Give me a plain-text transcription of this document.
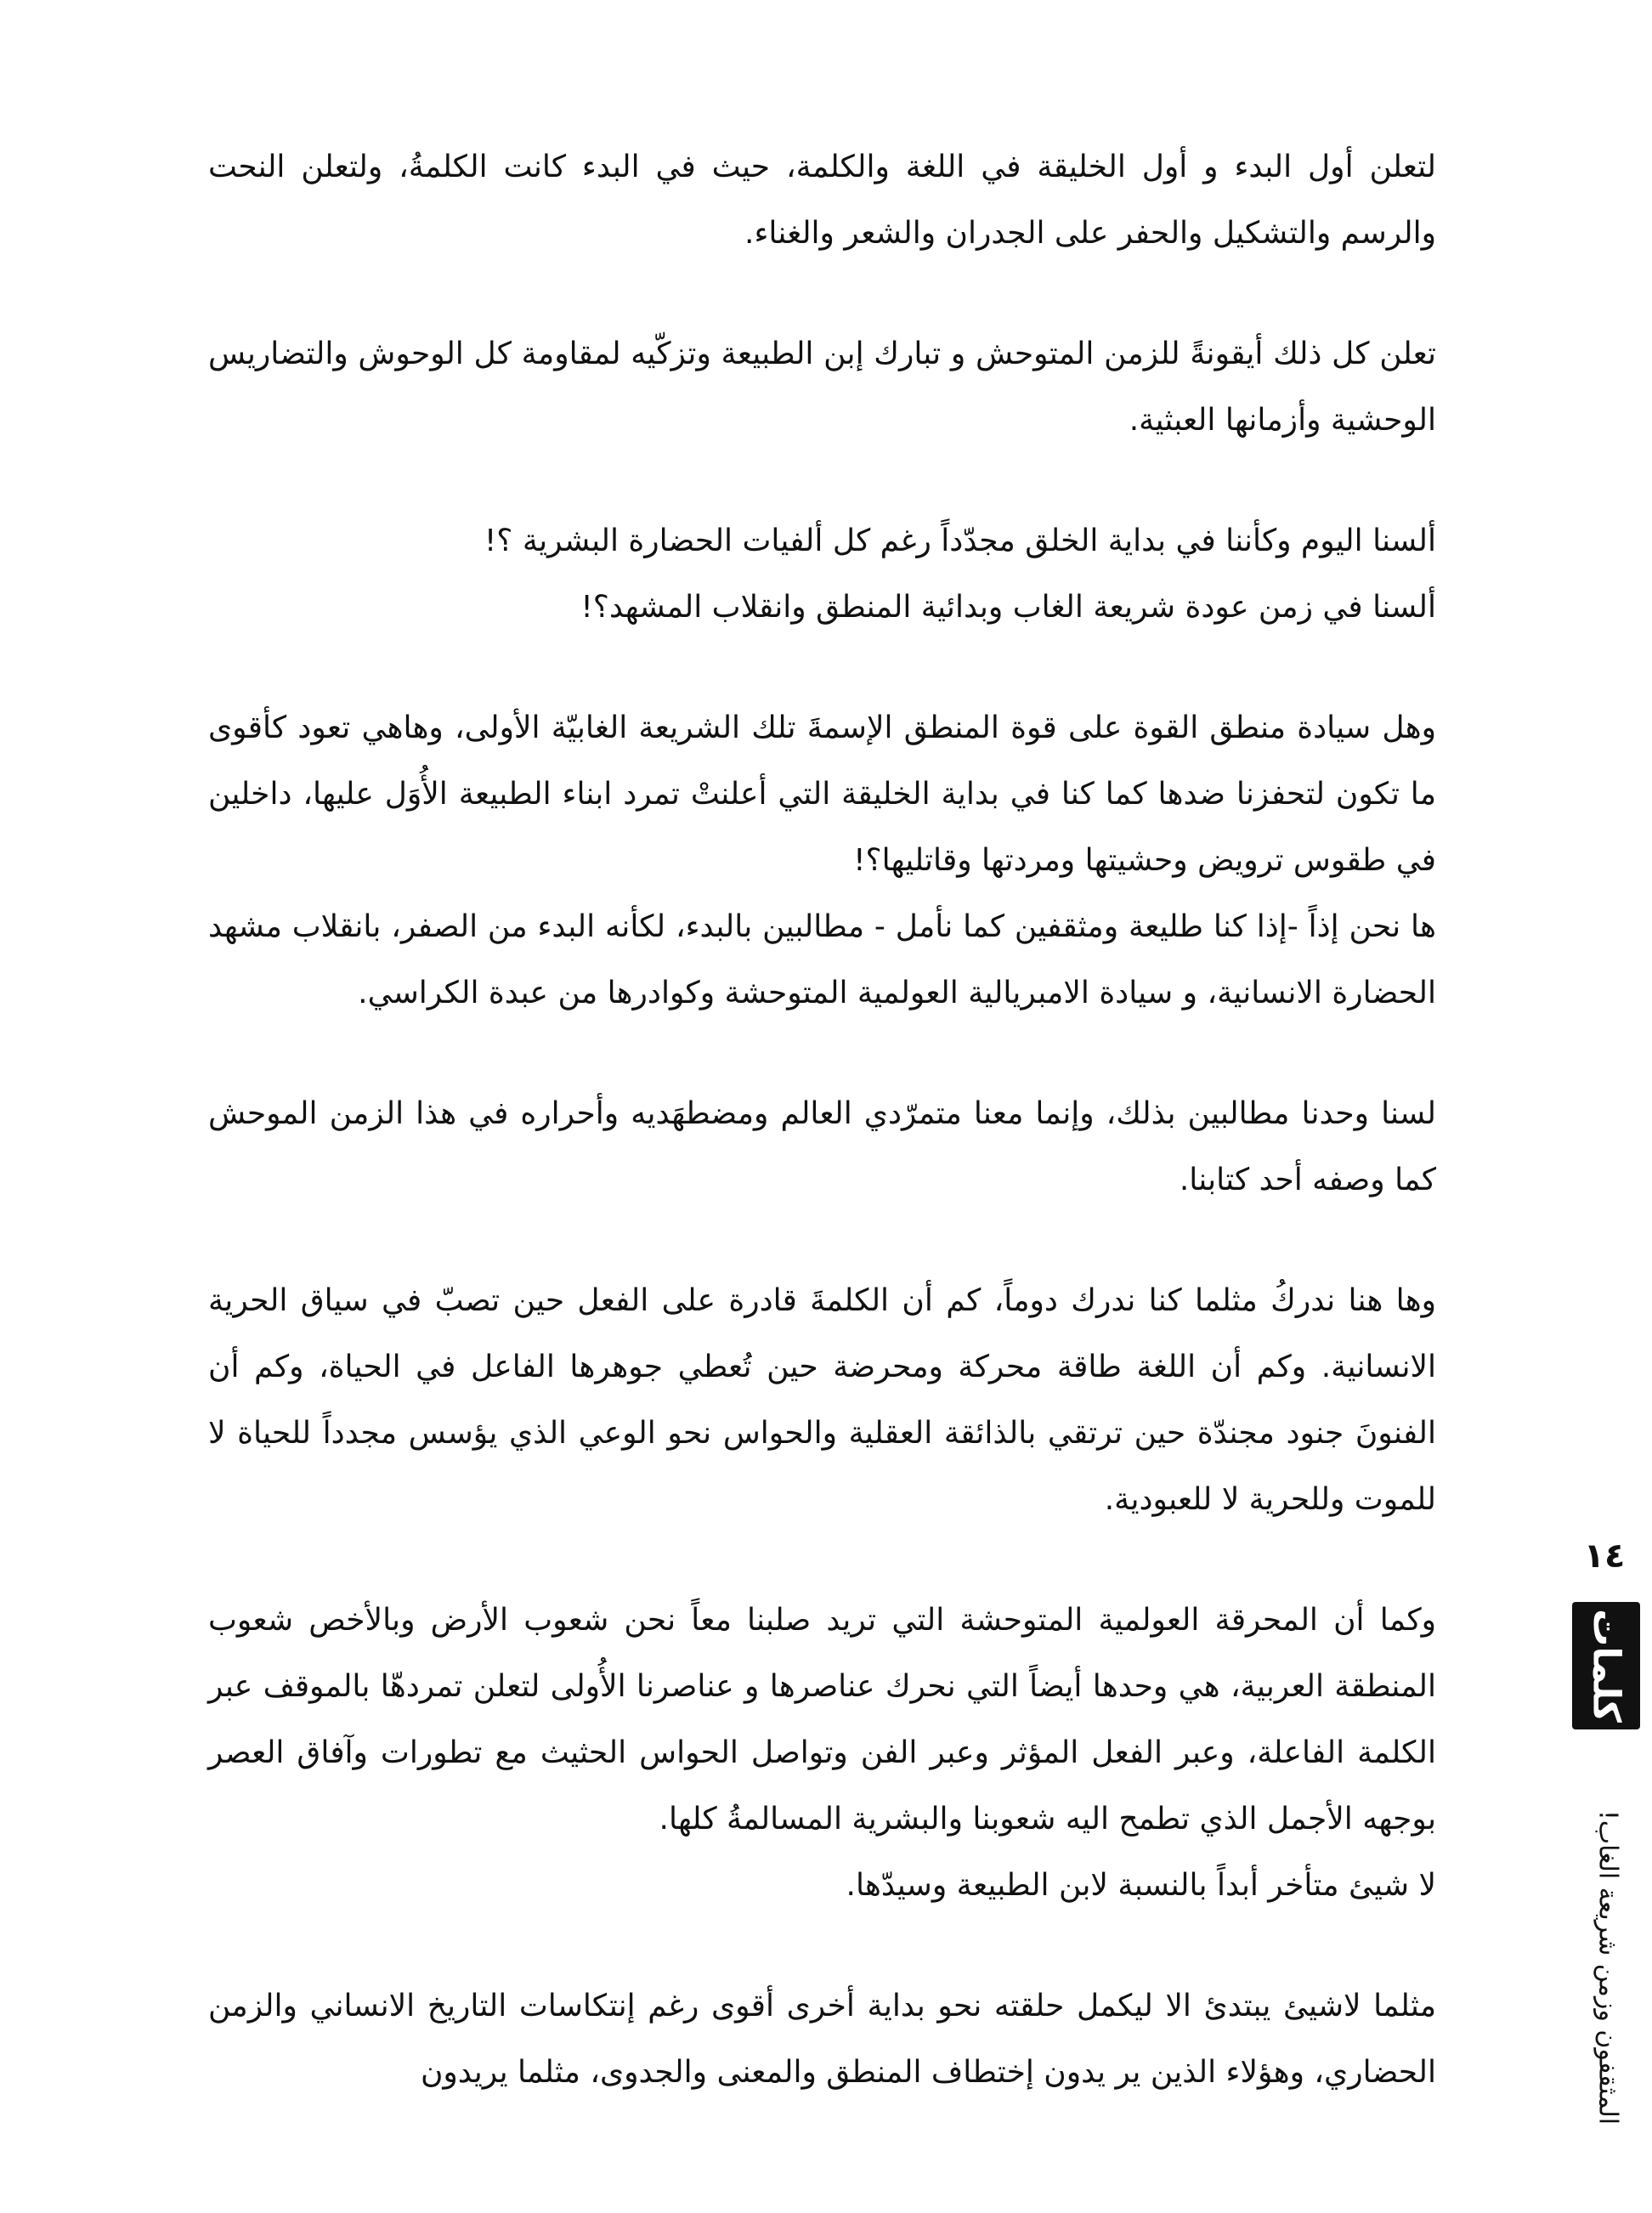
لتعلن أول البدء و أول الخليقة في اللغة والكلمة، حيث في البدء كانت الكلمةُ، ولتعلن النحت والرسم والتشكيل والحفر على الجدران والشعر والغناء.

تعلن كل ذلك أيقونةً للزمن المتوحش و تبارك إبن الطبيعة وتزكّيه لمقاومة كل الوحوش والتضاريس الوحشية وأزمانها العبثية.

ألسنا اليوم وكأننا في بداية الخلق مجدّداً رغم كل ألفيات الحضارة البشرية ؟!

ألسنا في زمن عودة شريعة الغاب وبدائية المنطق وانقلاب المشهد؟!

وهل سيادة منطق القوة على قوة المنطق الإسمةَ تلك الشريعة الغابيّة الأولى، وهاهي تعود كأقوى ما تكون لتحفزنا ضدها كما كنا في بداية الخليقة التي أعلنتْ تمرد ابناء الطبيعة الأُوَل عليها، داخلين في طقوس ترويض وحشيتها ومردتها وقاتليها؟!

ها نحن إذاً -إذا كنا طليعة ومثقفين كما نأمل - مطالبين بالبدء، لكأنه البدء من الصفر، بانقلاب مشهد الحضارة الانسانية، و سيادة الامبريالية العولمية المتوحشة وكوادرها من عبدة الكراسي.

لسنا وحدنا مطالبين بذلك، وإنما معنا متمرّدي العالم ومضطهَديه وأحراره في هذا الزمن الموحش كما وصفه أحد كتابنا.

وها هنا ندركُ مثلما كنا ندرك دوماً، كم أن الكلمةَ قادرة على الفعل حين تصبّ في سياق الحرية الانسانية. وكم أن اللغة طاقة محركة ومحرضة حين تُعطي جوهرها الفاعل في الحياة، وكم أن الفنونَ جنود مجندّة حين ترتقي بالذائقة العقلية والحواس نحو الوعي الذي يؤسس مجدداً للحياة لا للموت وللحرية لا للعبودية.

وكما أن المحرقة العولمية المتوحشة التي تريد صلبنا معاً نحن شعوب الأرض وبالأخص شعوب المنطقة العربية، هي وحدها أيضاً التي نحرك عناصرها و عناصرنا الأُولى لتعلن تمردهّا بالموقف عبر الكلمة الفاعلة، وعبر الفعل المؤثر وعبر الفن وتواصل الحواس الحثيث مع تطورات وآفاق العصر بوجهه الأجمل الذي تطمح اليه شعوبنا والبشرية المسالمةُ كلها.

لا شيئ متأخر أبداً بالنسبة لابن الطبيعة وسيدّها.

مثلما لاشيئ يبتدئ الا ليكمل حلقته نحو بداية أخرى أقوى رغم إنتكاسات التاريخ الانساني والزمن الحضاري، وهؤلاء الذين ير يدون إختطاف المنطق والمعنى والجدوى، مثلما يريدون

١٤
كلمات
المثقفون وزمن شريعة الغاب!
